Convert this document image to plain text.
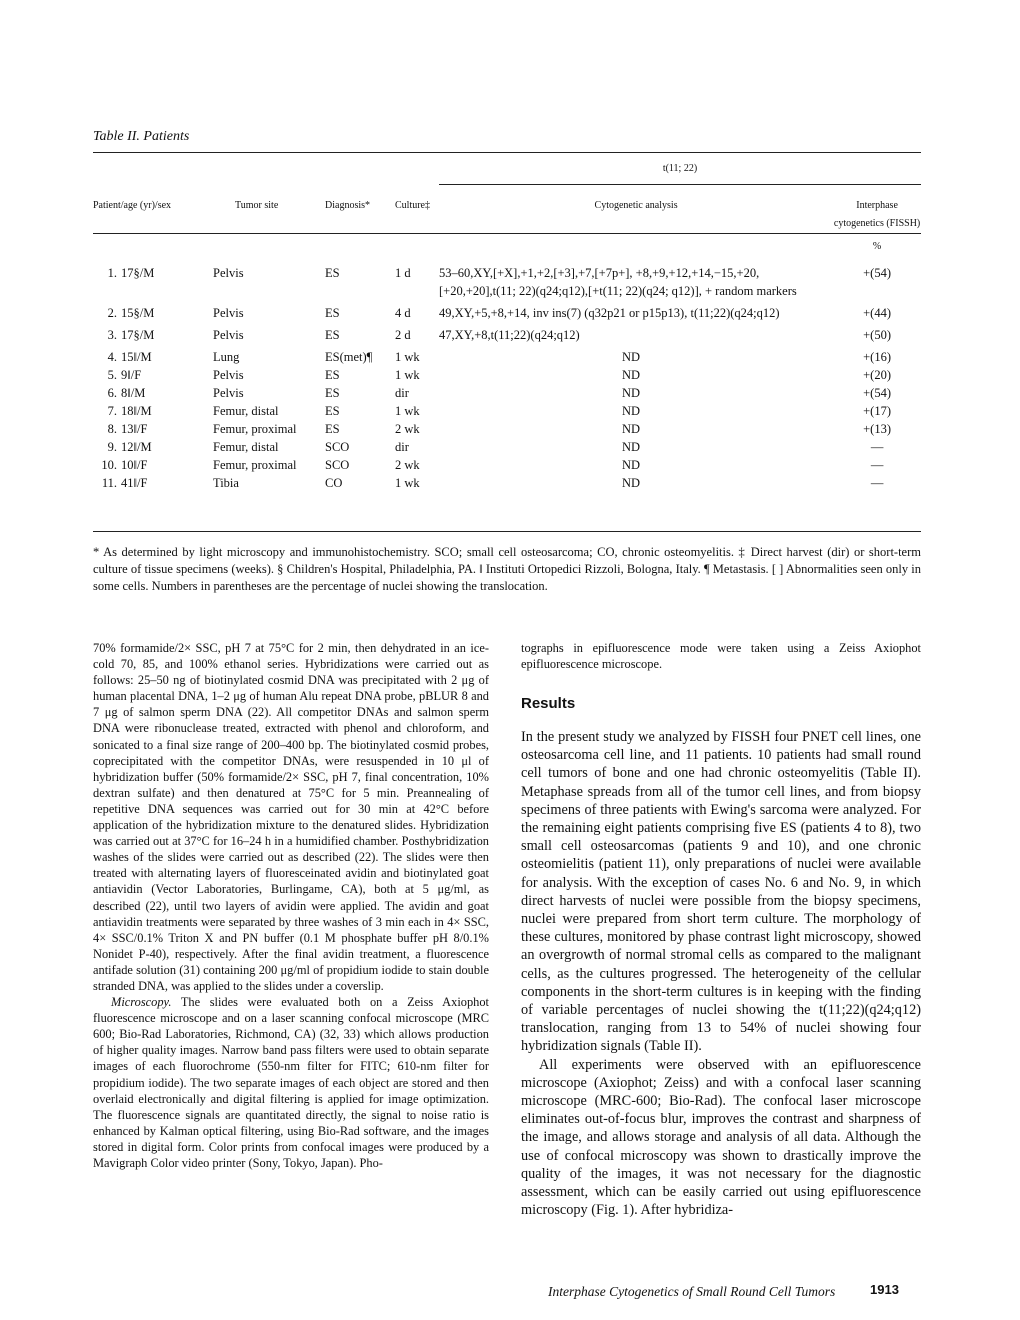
Table II. Patients
				t(11; 22)	
Patient/age (yr)/sex	Tumor site	Diagnosis*	Culture‡	Cytogenetic analysis	Interphase cytogenetics (FISSH)

					%
1. 17§/M	Pelvis	ES	1 d	53–60,XY,[+X],+1,+2,[+3],+7,[+7p+], +8,+9,+12,+14,−15,+20,[+20,+20],t(11; 22)(q24;q12),[+t(11; 22)(q24; q12)], + random markers	+(54)
2. 15§/M	Pelvis	ES	4 d	49,XY,+5,+8,+14, inv ins(7) (q32p21 or p15p13), t(11;22)(q24;q12)	+(44)
3. 17§/M	Pelvis	ES	2 d	47,XY,+8,t(11;22)(q24;q12)	+(50)
4. 15‖/M	Lung	ES(met)¶	1 wk	ND	+(16)
5. 9‖/F	Pelvis	ES	1 wk	ND	+(20)
6. 8‖/M	Pelvis	ES	dir	ND	+(54)
7. 18‖/M	Femur, distal	ES	1 wk	ND	+(17)
8. 13‖/F	Femur, proximal	ES	2 wk	ND	+(13)
9. 12‖/M	Femur, distal	SCO	dir	ND	—
10. 10‖/F	Femur, proximal	SCO	2 wk	ND	—
11. 41‖/F	Tibia	CO	1 wk	ND	—
* As determined by light microscopy and immunohistochemistry. SCO; small cell osteosarcoma; CO, chronic osteomyelitis. ‡ Direct harvest (dir) or short-term culture of tissue specimens (weeks). § Children's Hospital, Philadelphia, PA. ‖ Instituti Ortopedici Rizzoli, Bologna, Italy. ¶ Metastasis. [ ] Abnormalities seen only in some cells. Numbers in parentheses are the percentage of nuclei showing the translocation.

70% formamide/2× SSC, pH 7 at 75°C for 2 min, then dehydrated in an ice-cold 70, 85, and 100% ethanol series. Hybridizations were carried out as follows: 25–50 ng of biotinylated cosmid DNA was precipitated with 2 μg of human placental DNA, 1–2 μg of human Alu repeat DNA probe, pBLUR 8 and 7 μg of salmon sperm DNA (22). All competitor DNAs and salmon sperm DNA were ribonuclease treated, extracted with phenol and chloroform, and sonicated to a final size range of 200–400 bp. The biotinylated cosmid probes, coprecipitated with the competitor DNAs, were resuspended in 10 μl of hybridization buffer (50% formamide/2× SSC, pH 7, final concentration, 10% dextran sulfate) and then denatured at 75°C for 5 min. Preannealing of repetitive DNA sequences was carried out for 30 min at 42°C before application of the hybridization mixture to the denatured slides. Hybridization was carried out at 37°C for 16–24 h in a humidified chamber. Posthybridization washes of the slides were carried out as described (22). The slides were then treated with alternating layers of fluoresceinated avidin and biotinylated goat antiavidin (Vector Laboratories, Burlingame, CA), both at 5 μg/ml, as described (22), until two layers of avidin were applied. The avidin and goat antiavidin treatments were separated by three washes of 3 min each in 4× SSC, 4× SSC/0.1% Triton X and PN buffer (0.1 M phosphate buffer pH 8/0.1% Nonidet P-40), respectively. After the final avidin treatment, a fluorescence antifade solution (31) containing 200 μg/ml of propidium iodide to stain double stranded DNA, was applied to the slides under a coverslip.

Microscopy. The slides were evaluated both on a Zeiss Axiophot fluorescence microscope and on a laser scanning confocal microscope (MRC 600; Bio-Rad Laboratories, Richmond, CA) (32, 33) which allows production of higher quality images. Narrow band pass filters were used to obtain separate images of each fluorochrome (550-nm filter for FITC; 610-nm filter for propidium iodide). The two separate images of each object are stored and then overlaid electronically and digital filtering is applied for image optimization. The fluorescence signals are quantitated directly, the signal to noise ratio is enhanced by Kalman optical filtering, using Bio-Rad software, and the images stored in digital form. Color prints from confocal images were produced by a Mavigraph Color video printer (Sony, Tokyo, Japan). Pho-

tographs in epifluorescence mode were taken using a Zeiss Axiophot epifluorescence microscope.

Results

In the present study we analyzed by FISSH four PNET cell lines, one osteosarcoma cell line, and 11 patients. 10 patients had small round cell tumors of bone and one had chronic osteomyelitis (Table II). Metaphase spreads from all of the tumor cell lines, and from biopsy specimens of three patients with Ewing's sarcoma were analyzed. For the remaining eight patients comprising five ES (patients 4 to 8), two small cell osteosarcomas (patients 9 and 10), and one chronic osteomielitis (patient 11), only preparations of nuclei were available for analysis. With the exception of cases No. 6 and No. 9, in which direct harvests of nuclei were possible from the biopsy specimens, nuclei were prepared from short term culture. The morphology of these cultures, monitored by phase contrast light microscopy, showed an overgrowth of normal stromal cells as compared to the malignant cells, as the cultures progressed. The heterogeneity of the cellular components in the short-term cultures is in keeping with the finding of variable percentages of nuclei showing the t(11;22)(q24;q12) translocation, ranging from 13 to 54% of nuclei showing four hybridization signals (Table II).

All experiments were observed with an epifluorescence microscope (Axiophot; Zeiss) and with a confocal laser scanning microscope (MRC-600; Bio-Rad). The confocal laser microscope eliminates out-of-focus blur, improves the contrast and sharpness of the image, and allows storage and analysis of all data. Although the use of confocal microscopy was shown to drastically improve the quality of the images, it was not necessary for the diagnostic assessment, which can be easily carried out using epifluorescence microscopy (Fig. 1). After hybridiza-

Interphase Cytogenetics of Small Round Cell Tumors	1913
